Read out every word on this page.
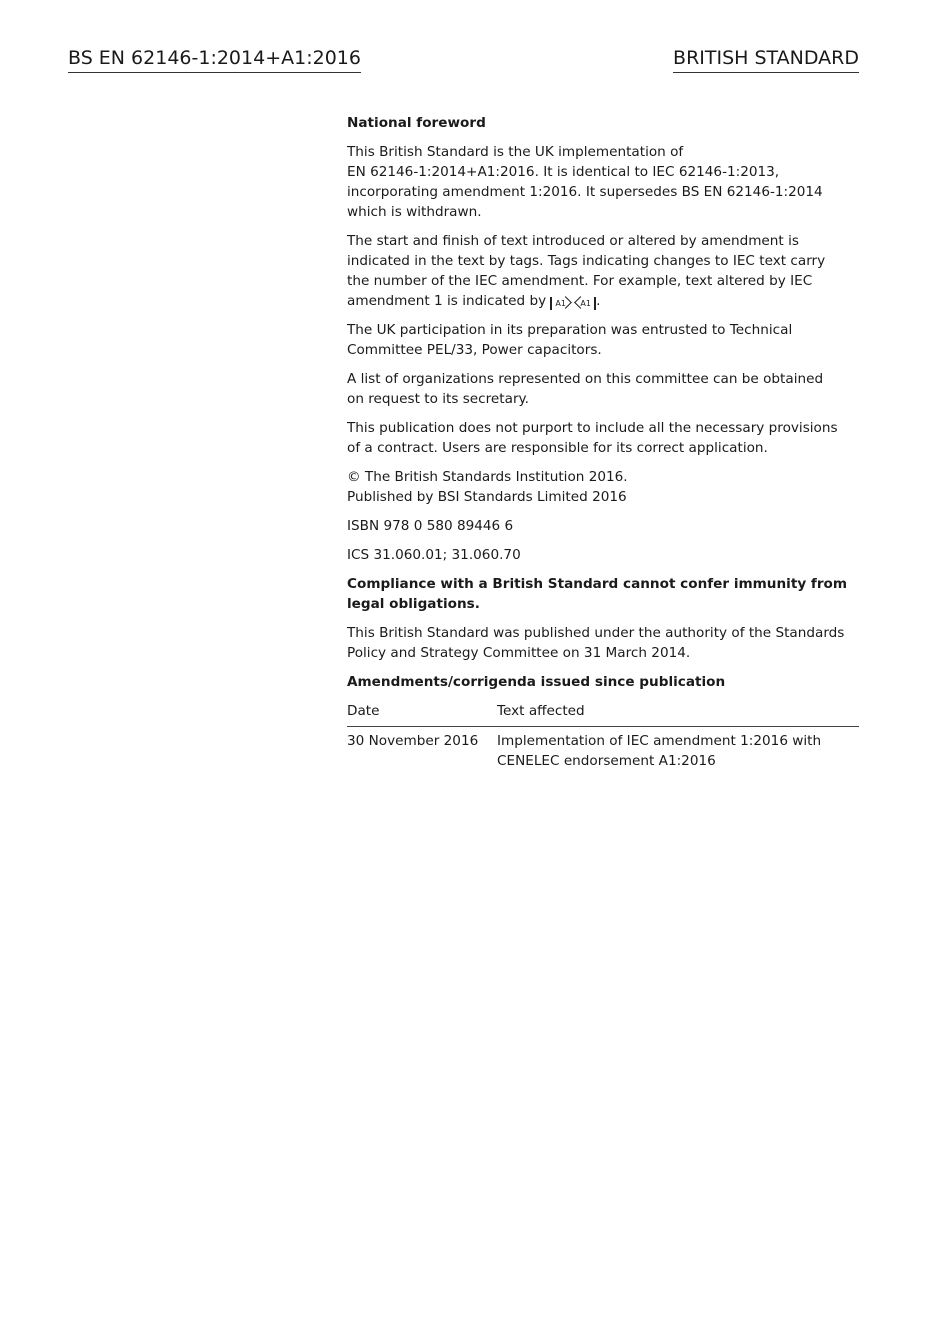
BS EN 62146-1:2014+A1:2016	BRITISH STANDARD
National foreword

This British Standard is the UK implementation of
EN 62146-1:2014+A1:2016. It is identical to IEC 62146-1:2013,
incorporating amendment 1:2016. It supersedes BS EN 62146-1:2014
which is withdrawn.

The start and finish of text introduced or altered by amendment is
indicated in the text by tags. Tags indicating changes to IEC text carry
the number of the IEC amendment. For example, text altered by IEC
amendment 1 is indicated by A1 A1 .

The UK participation in its preparation was entrusted to Technical
Committee PEL/33, Power capacitors.

A list of organizations represented on this committee can be obtained
on request to its secretary.

This publication does not purport to include all the necessary provisions
of a contract. Users are responsible for its correct application.

© The British Standards Institution 2016.
Published by BSI Standards Limited 2016

ISBN 978 0 580 89446 6

ICS 31.060.01; 31.060.70

Compliance with a British Standard cannot confer immunity from
legal obligations.

This British Standard was published under the authority of the Standards
Policy and Strategy Committee on 31 March 2014.

Amendments/corrigenda issued since publication

Date	Text affected
30 November 2016	Implementation of IEC amendment 1:2016 with
CENELEC endorsement A1:2016
